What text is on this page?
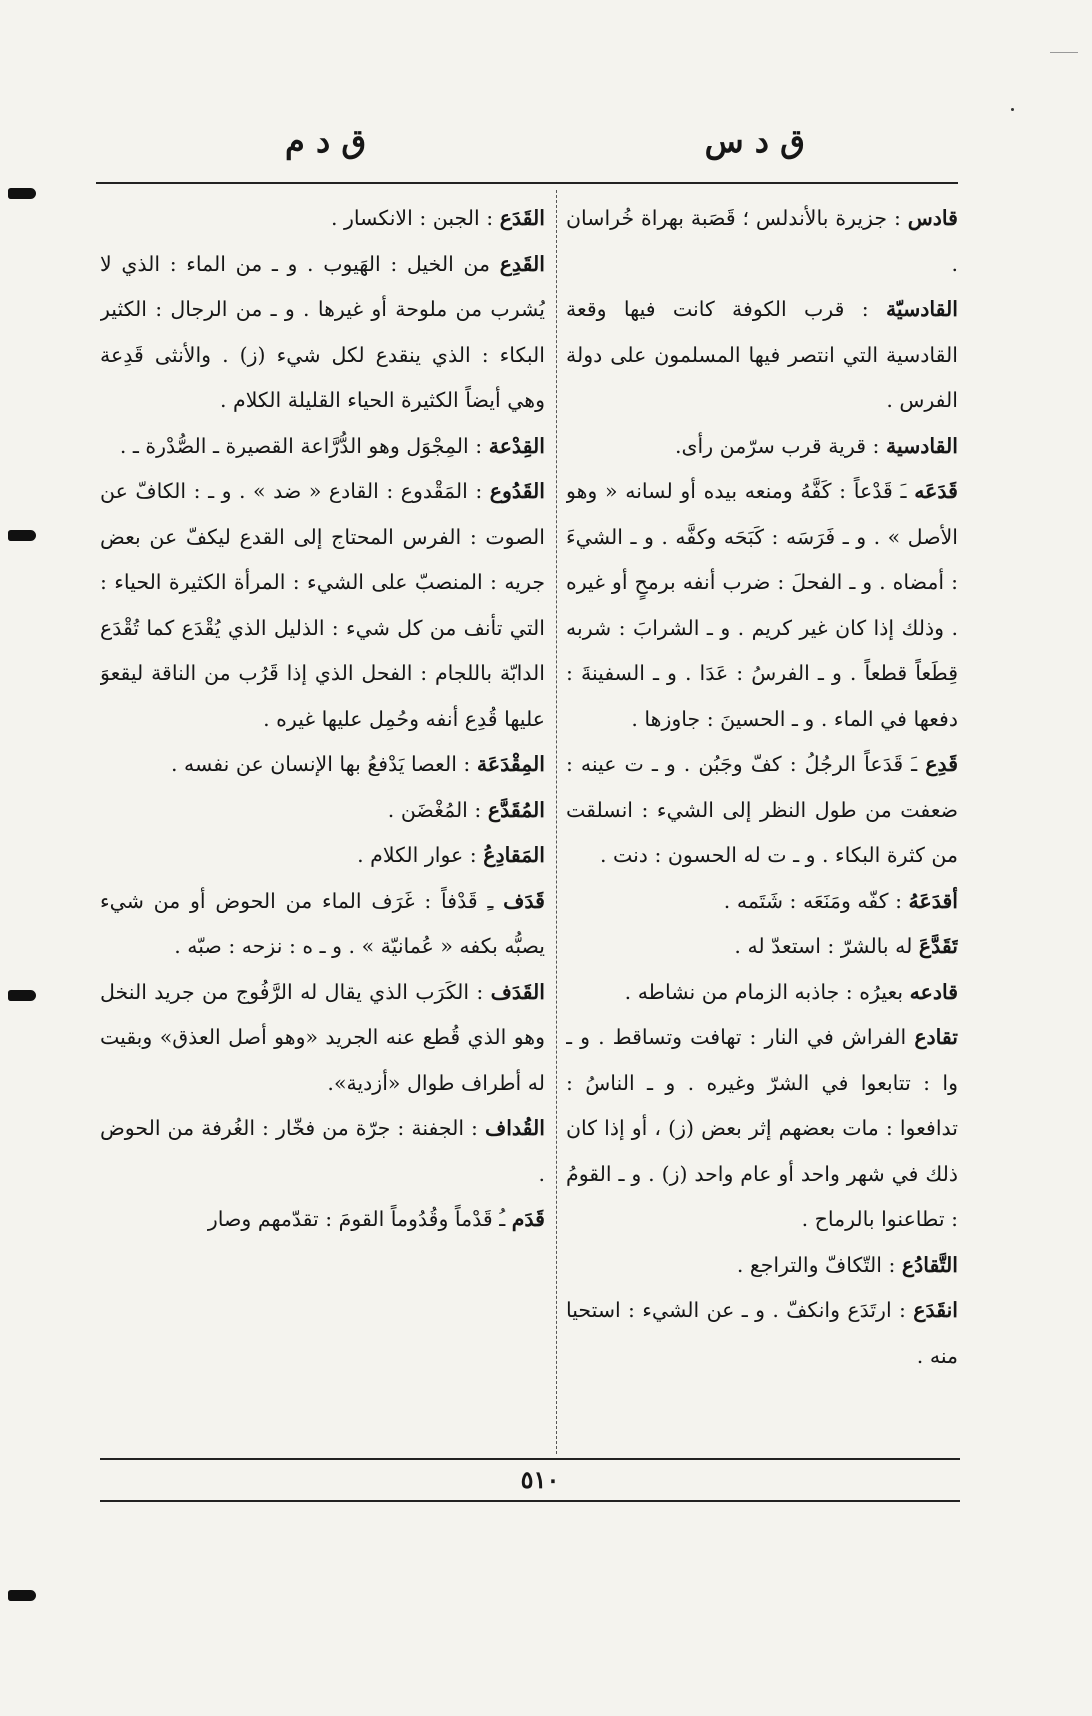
ق د س
ق د م

قادس : جزيرة بالأندلس ؛ قَصَبة بهراة خُراسان .

القادسيّة : قرب الكوفة كانت فيها وقعة القادسية التي انتصر فيها المسلمون على دولة الفرس .

القادسية : قرية قرب سرّمن رأى.

قَدَعَه ـَ قَدْعاً : كَفَّهُ ومنعه بيده أو لسانه « وهو الأصل » . و ـ فَرَسَه : كَبَحَه وكفَّه . و ـ الشيءَ : أمضاه . و ـ الفحلَ : ضرب أنفه برمحٍ أو غيره . وذلك إذا كان غير كريم . و ـ الشرابَ : شربه قِطَعاً قطعاً . و ـ الفرسُ : عَدَا . و ـ السفينةَ : دفعها في الماء . و ـ الحسينَ : جاوزها .

قَدِع ـَ قَدَعاً الرجُلُ : كفّ وجَبُن . و ـ ت عينه : ضعفت من طول النظر إلى الشيء : انسلقت من كثرة البكاء . و ـ ت له الحسون : دنت .

أقدَعَهُ : كفّه ومَنَعَه : شَتَمه .

تَقَدَّعَ له بالشرّ : استعدّ له .

قادعه بعيرُه : جاذبه الزمام من نشاطه .

تقادع الفراش في النار : تهافت وتساقط . و ـ وا : تتابعوا في الشرّ وغيره . و ـ الناسُ : تدافعوا : مات بعضهم إثر بعض (ز) ، أو إذا كان ذلك في شهر واحد أو عام واحد (ز) . و ـ القومُ : تطاعنوا بالرماح .

التَّقادُع : التّكافّ والتراجع .

انقَدَع : ارتَدَع وانكفّ . و ـ عن الشيء : استحيا منه .

القَدَع : الجبن : الانكسار .

القَدِع من الخيل : الهَيوب . و ـ من الماء : الذي لا يُشرب من ملوحة أو غيرها . و ـ من الرجال : الكثير البكاء : الذي ينقدع لكل شيء (ز) . والأنثى قَدِعة وهي أيضاً الكثيرة الحياء القليلة الكلام .

القِدْعة : المِجْوَل وهو الدُّرَّاعة القصيرة ـ الصُّدْرة ـ .

القَدُوع : المَقْدوع : القادع « ضد » . و ـ : الكافّ عن الصوت : الفرس المحتاج إلى القدع ليكفّ عن بعض جريه : المنصبّ على الشيء : المرأة الكثيرة الحياء : التي تأنف من كل شيء : الذليل الذي يُقْدَع كما تُقْدَع الدابّة باللجام : الفحل الذي إذا قَرُب من الناقة ليقعوَ عليها قُدِع أنفه وحُمِل عليها غيره .

المِقْدَعَة : العصا يَدْفعُ بها الإنسان عن نفسه .

المُقَدَّع : المُغْضَن .

المَقادِعُ : عوار الكلام .

قَدَف ـِ قَدْفاً : غَرَف الماء من الحوض أو من شيء يصبُّه بكفه « عُمانيّة » . و ـ ه : نزحه : صبّه .

القَدَف : الكَرَب الذي يقال له الرَّفُوج من جريد النخل وهو الذي قُطع عنه الجريد «وهو أصل العذق» وبقيت له أطراف طوال «أزدية».

القُداف : الجفنة : جرّة من فخّار : الغُرفة من الحوض .

قَدَم ـُ قَدْماً وقُدُوماً القومَ : تقدّمهم وصار

٥١٠
